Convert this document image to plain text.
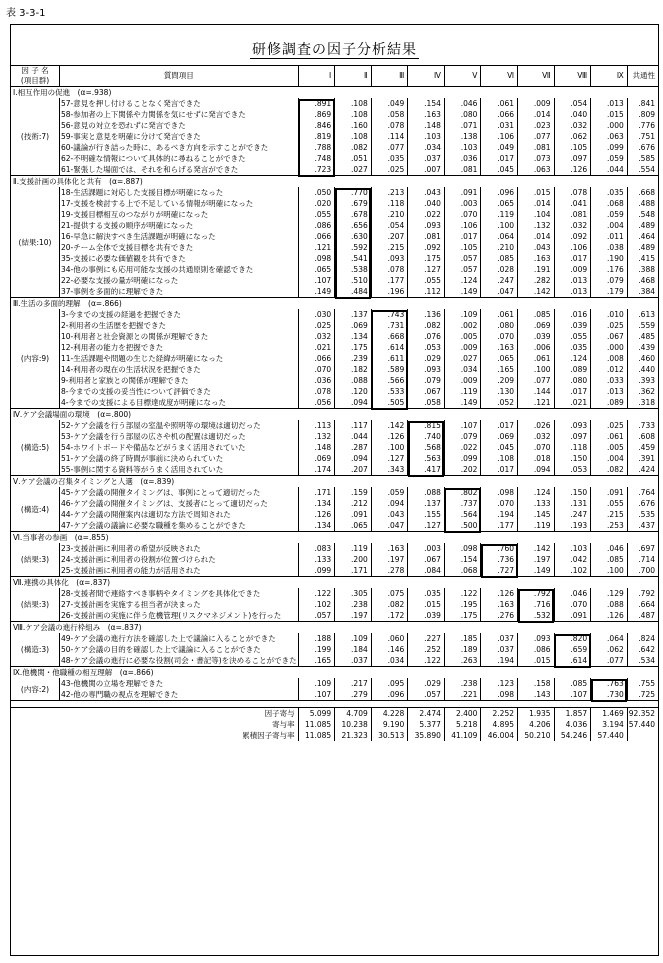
表 3-3-1
研修調査の因子分析結果
因 子 名
(項目群)	質問項目	Ⅰ	Ⅱ	Ⅲ	Ⅳ	Ⅴ	Ⅵ	Ⅶ	Ⅷ	Ⅸ	共通性
Ⅰ.相互作用の促進　(α=.938)											
(技術:7)	57-意見を押し付けることなく発言できた	.891	.108	.049	.154	.046	.061	.009	.054	.013	.841
	58-参加者の上下関係や力関係を気にせずに発言できた	.869	.108	.058	.163	.080	.066	.014	.040	.015	.809
	56-意見の対立を恐れずに発言できた	.846	.160	.078	.148	.071	.031	.023	.032	.000	.776
	59-事実と意見を明確に分けて発言できた	.819	.108	.114	.103	.138	.106	.077	.062	.063	.751
	60-議論が行き詰った時に、あるべき方向を示すことができた	.788	.082	.077	.034	.103	.049	.081	.105	.099	.676
	62-不明確な情報について具体的に尋ねることができた	.748	.051	.035	.037	.036	.017	.073	.097	.059	.585
	61-緊張した場面では、それを和らげる発言ができた	.723	.027	.025	.007	.081	.045	.063	.126	.044	.554
Ⅱ.支援計画の具体化と共有　(α=.887)											
(結果:10)	18-生活課題に対応した支援目標が明確になった	.050	.770	.213	.043	.091	.096	.015	.078	.035	.668
	17-支援を検討する上で不足している情報が明確になった	.020	.679	.118	.040	.003	.065	.014	.041	.068	.488
	19-支援目標相互のつながりが明確になった	.055	.678	.210	.022	.070	.119	.104	.081	.059	.548
	21-提供する支援の順序が明確になった	.086	.656	.054	.093	.106	.100	.132	.032	.004	.489
	16-早急に解決すべき生活課題が明確になった	.066	.630	.207	.081	.017	.064	.014	.092	.011	.464
	20-チーム全体で支援目標を共有できた	.121	.592	.215	.092	.105	.210	.043	.106	.038	.489
	35-支援に必要な価値観を共有できた	.098	.541	.093	.175	.057	.085	.163	.017	.190	.415
	34-他の事例にも応用可能な支援の共通原則を確認できた	.065	.538	.078	.127	.057	.028	.191	.009	.176	.388
	22-必要な支援の量が明確になった	.107	.510	.177	.055	.124	.247	.282	.013	.079	.468
	37-事例を多面的に理解できた	.149	.484	.196	.112	.149	.047	.142	.013	.179	.384
Ⅲ.生活の多面的理解　(α=.866)											
(内容:9)	3-今までの支援の経過を把握できた	.030	.137	.743	.136	.109	.061	.085	.016	.010	.613
	2-利用者の生活歴を把握できた	.025	.069	.731	.082	.002	.080	.069	.039	.025	.559
	10-利用者と社会資源との関係が理解できた	.032	.134	.668	.076	.005	.070	.039	.055	.067	.485
	12-利用者の能力を把握できた	.021	.175	.614	.053	.009	.163	.006	.035	.000	.439
	11-生活課題や問題の生じた経緯が明確になった	.066	.239	.611	.029	.027	.065	.061	.124	.008	.460
	14-利用者の現在の生活状況を把握できた	.070	.182	.589	.093	.034	.165	.100	.089	.012	.440
	9-利用者と家族との関係が理解できた	.036	.088	.566	.079	.009	.209	.077	.080	.033	.393
	8-今までの支援の妥当性について評価できた	.078	.120	.533	.067	.119	.130	.144	.017	.013	.362
	4-今までの支援による目標達成度が明確になった	.056	.094	.505	.058	.149	.052	.121	.021	.089	.318
Ⅳ.ケア会議場面の環境　(α=.800)											
(構造:5)	52-ケア会議を行う部屋の室温や照明等の環境は適切だった	.113	.117	.142	.815	.107	.017	.026	.093	.025	.733
	53-ケア会議を行う部屋の広さや机の配置は適切だった	.132	.044	.126	.740	.079	.069	.032	.097	.061	.608
	54-ホワイトボードや備品などがうまく活用されていた	.148	.287	.100	.568	.022	.045	.070	.118	.005	.459
	51-ケア会議の終了時間が事前に決められていた	.069	.094	.127	.563	.099	.108	.018	.150	.004	.391
	55-事例に関する資料等がうまく活用されていた	.174	.207	.343	.417	.202	.017	.094	.053	.082	.424
Ⅴ.ケア会議の召集タイミングと人選　(α=.839)											
(構造:4)	45-ケア会議の開催タイミングは、事例にとって適切だった	.171	.159	.059	.088	.802	.098	.124	.150	.091	.764
	46-ケア会議の開催タイミングは、支援者にとって適切だった	.134	.212	.094	.137	.737	.070	.133	.131	.055	.676
	44-ケア会議の開催案内は適切な方法で周知された	.126	.091	.043	.155	.564	.194	.145	.247	.215	.535
	47-ケア会議の議論に必要な職種を集めることができた	.134	.065	.047	.127	.500	.177	.119	.193	.253	.437
Ⅵ.当事者の参画　(α=.855)											
(結果:3)	23-支援計画に利用者の希望が反映された	.083	.119	.163	.003	.098	.760	.142	.103	.046	.697
	24-支援計画に利用者の役割が位置づけられた	.133	.200	.197	.067	.154	.736	.197	.042	.085	.714
	25-支援計画に利用者の能力が活用された	.099	.171	.278	.084	.068	.727	.149	.102	.100	.700
Ⅶ.連携の具体化　(α=.837)											
(結果:3)	28-支援者間で連絡すべき事柄やタイミングを具体化できた	.122	.305	.075	.035	.122	.126	.792	.046	.129	.792
	27-支援計画を実施する担当者が決まった	.102	.238	.082	.015	.195	.163	.716	.070	.088	.664
	26-支援計画の実施に伴う危機管理(リスクマネジメント)を行った	.057	.197	.172	.039	.175	.276	.532	.091	.126	.487
Ⅷ.ケア会議の進行枠組み　(α=.837)											
(構造:3)	49-ケア会議の進行方法を確認した上で議論に入ることができた	.188	.109	.060	.227	.185	.037	.093	.820	.064	.824
	50-ケア会議の目的を確認した上で議論に入ることができた	.199	.184	.146	.252	.189	.037	.086	.659	.062	.642
	48-ケア会議の進行に必要な役割(司会・書記等)を決めることができた	.165	.037	.034	.122	.263	.194	.015	.614	.077	.534
Ⅸ.他機関・他職種の相互理解　(α=.866)											
(内容:2)	43-他機関の立場を理解できた	.109	.217	.095	.029	.238	.123	.158	.085	.763	.755
	42-他の専門職の視点を理解できた	.107	.279	.096	.057	.221	.098	.143	.107	.730	.725

因子寄与		5.099	4.709	4.228	2.474	2.400	2.252	1.935	1.857	1.469	92.352
寄与率		11.085	10.238	9.190	5.377	5.218	4.895	4.206	4.036	3.194	57.440
累積因子寄与率		11.085	21.323	30.513	35.890	41.109	46.004	50.210	54.246	57.440	
